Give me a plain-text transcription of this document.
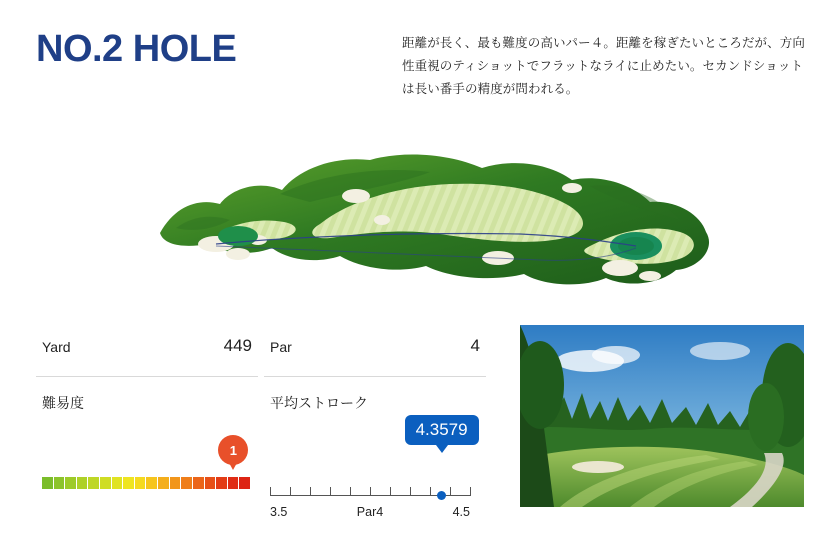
NO.2 HOLE	距離が長く、最も難度の高いパー４。距離を稼ぎたいところだが、方向性重視のティショットでフラットなライに止めたい。セカンドショットは長い番手の精度が問われる。
Yard	449
難易度
1
Par	4
平均ストローク
4.3579
3.5	Par4	4.5
